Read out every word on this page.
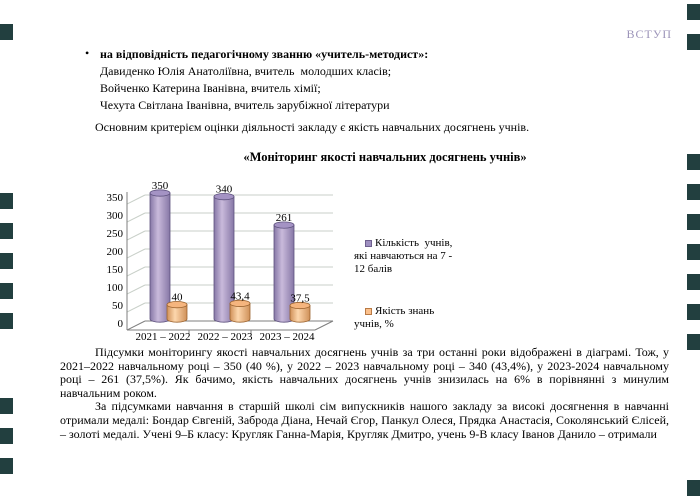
ВСТУП
• на відповідність педагогічному званню «учитель-методист»:
Давиденко Юлія Анатоліївна, вчитель  молодших класів;
Войченко Катерина Іванівна, вчитель хімії;
Чехута Світлана Іванівна, вчитель зарубіжної літератури
Основним критерієм оцінки діяльності закладу є якість навчальних досягнень учнів.
«Моніторинг якості навчальних досягнень учнів»
0
50
100
150
200
250
300
350
2021 – 2022 2022 – 2023 2023 – 2024
350
40
340
43,4
261
37,5

Кількість  учнів, які навчаються на 7 - 12 балів

Якість знань учнів, %

Підсумки моніторингу якості навчальних досягнень учнів за три останні роки відображені в діаграмі. Тож, у 2021–2022 навчальному році – 350 (40 %), у 2022 – 2023 навчальному році – 340 (43,4%), у 2023-2024 навчальному році – 261 (37,5%). Як бачимо, якість навчальних досягнень учнів знизилась на 6% в порівнянні з минулим навчальним роком.

За підсумками навчання в старшій школі сім випускників нашого закладу за високі досягнення в навчанні отримали медалі: Бондар Євгеній, Заброда Діана, Нечай Єгор, Панкул Олеся, Прядка Анастасія, Соколянський Єлісей, – золоті медалі. Учені 9–Б класу: Кругляк Ганна-Марія, Кругляк Дмитро, учень 9-В класу Іванов Данило – отримали
